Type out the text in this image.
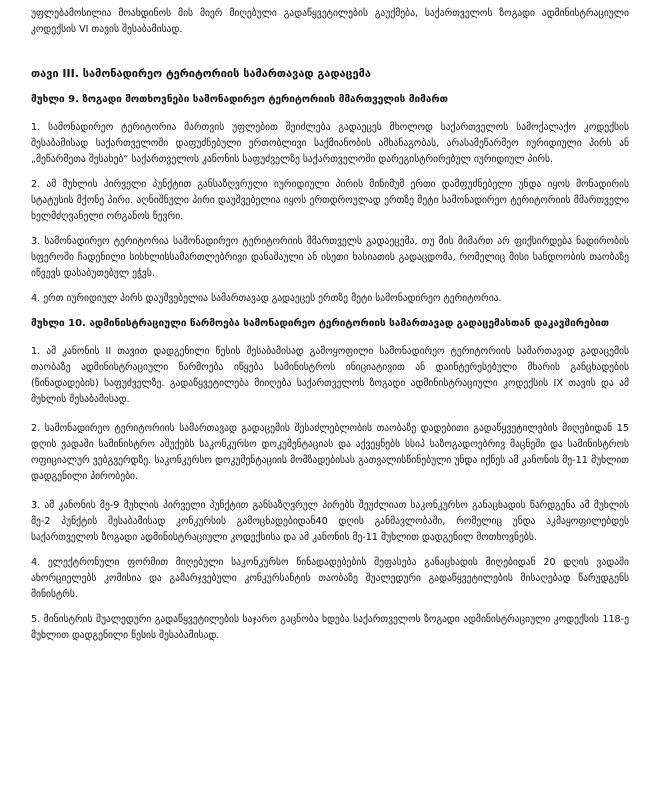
უფლებამოსილია მოახდინოს მის მიერ მიღებული გადაწყვეტილების გაუქმება, საქართველოს ზოგადი ადმინისტრაციული კოდექსის VI თავის შესაბამისად.

თავი III. სამონადირეო ტერიტორიის სამართავად გადაცემა

მუხლი 9. ზოგადი მოთხოვნები სამონადირეო ტერიტორიის მმართველის მიმართ

1. სამონადირეო ტერიტორია მართვის უფლებით შეიძლება გადაეცეს მხოლოდ საქართველოს სამოქალაქო კოდექსის შესაბამისად საქართველოში დაფუძნებული ერთობლივი საქმიანობის ამხანაგობას, არასამეწარმეო იურიდიული პირს ან „მეწარმეთა შესახებ“ საქართველოს კანონის საფუძველზე საქართველოში დარეგისტრირებულ იურიდიულ პირს.

2. ამ მუხლის პირველი პუნქტით განსაზღვრული იურიდიული პირის მინიმუმ ერთი დამფუძნებელი უნდა იყოს მონადირის სტატუსის მქონე პირი. აღნიშნული პირი დაუშვებელია იყოს ერთდროულად ერთზე მეტი სამონადირეო ტერიტორიის მმართველი ხელმძღვანელი ორგანოს წევრი.

3. სამონადირეო ტერიტორია სამონადირეო ტერიტორიის მმართველს გადაეცემა, თუ მის მიმართ არ ფიქსირდება ნადირობის სფეროში ჩადენილი სისხლისსამართლებრივი დანაშაული ან ისეთი ხასიათის გადაცდომა, რომელიც მისი სანდოობის თაობაზე იწვევს დასაბუთებულ ეჭვს.

4. ერთ იურიდიულ პირს დაუშვებელია სამართავად გადაეცეს ერთზე მეტი სამონადირეო ტერიტორია.

მუხლი 10. ადმინისტრაციული წარმოება სამონადირეო ტერიტორიის სამართავად გადაცემასთან დაკავშირებით

1. ამ კანონის II თავით დადგენილი წესის შესაბამისად გამოყოფილი სამონადირეო ტერიტორიის სამართავად გადაცემის თაობაზე ადმინისტრაციული წარმოება იწყება სამინისტროს ინიციატივით ან დაინტერესებული მხარის განცხადების (წინადადების) საფუძველზე. გადაწყვეტილება მიიღება საქართველოს ზოგადი ადმინისტრაციული კოდექსის IX თავის და ამ მუხლის შესაბამისად.

2. სამონადირეო ტერიტორიის სამართავად გადაცემის შესაძლებლობის თაობაზე დადებითი გადაწყვეტილების მიღებიდან 15 დღის ვადაში სამინისტრო აშუქებს საკონკურსო დოკუმენტაციას და აქვეყნებს სსიპ საზოგადოებრივ მაცნეში და სამინისტროს ოფიციალურ ვებგვერდზე. საკონკურსო დოკუმენტაციის მომზადებისას გათვალისწინებული უნდა იქნეს ამ კანონის მე-11 მუხლით დადგენილი პირობები.

3. ამ კანონის მე-9 მუხლის პირველი პუნქტით განსაზღვრულ პირებს შეუძლიათ საკონკურსო განაცხადის წარდგენა ამ მუხლის მე-2 პუნქტის შესაბამისად კონკურსის გამოცხადებიდან40 დღის განმავლობაში, რომელიც უნდა აკმაყოფილებდეს საქართველოს ზოგადი ადმინისტრაციული კოდექსისა და ამ კანონის მე-11 მუხლით დადგენილ მოთხოვნებს.

4. ელექტრონული ფორმით მიღებული საკონკურსო წინადადებების შეფასება განაცხადის მიღებიდან 20 დღის ვადაში ახორციელებს კომისია და გამარჯვებული კონკურსანტის თაობაზე შუალედური გადაწყვეტილების მისაღებად წარუდგენს მინისტრს.

5. მინისტრის შუალედური გადაწყვეტილების საჯარო გაცნობა ხდება საქართველოს ზოგადი ადმინისტრაციული კოდექსის 118-ე მუხლით დადგენილი წესის შესაბამისად.
